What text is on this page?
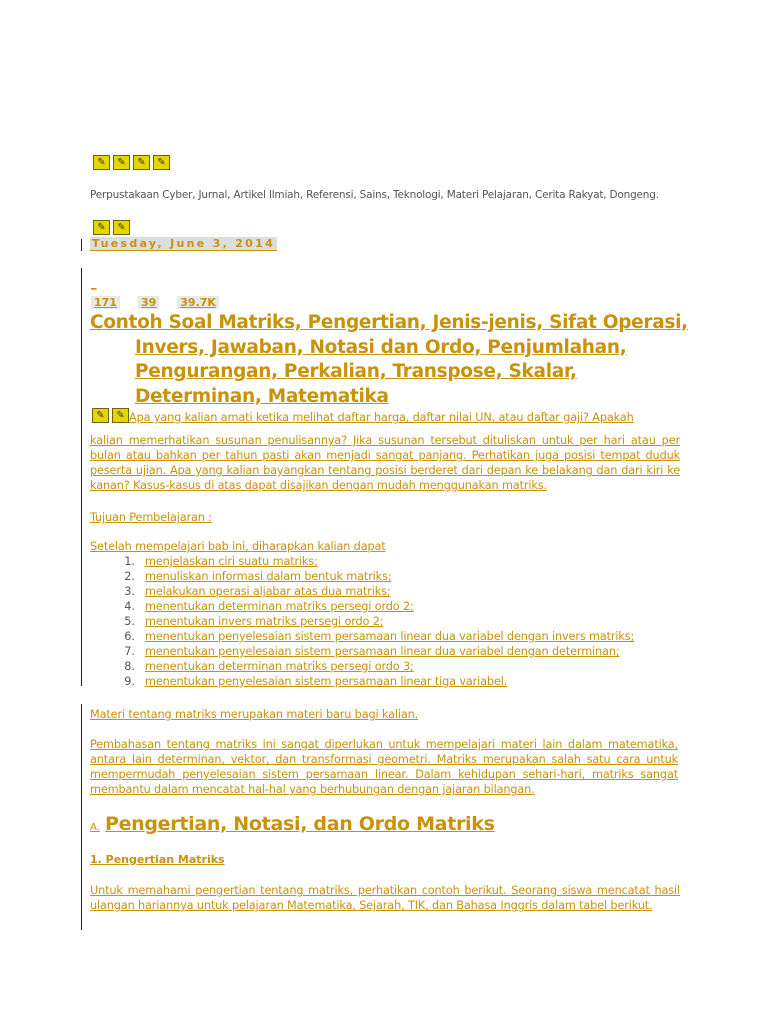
✎	✎	✎	✎
Perpustakaan Cyber, Jurnal, Artikel Ilmiah, Referensi, Sains, Teknologi, Materi Pelajaran, Cerita Rakyat, Dongeng.
✎	✎
Tuesday, June 3, 2014
_
171 39 39.7K
Contoh Soal Matriks, Pengertian, Jenis-jenis, Sifat Operasi,
Invers, Jawaban, Notasi dan Ordo, Penjumlahan, Pengurangan, Perkalian, Transpose, Skalar, Determinan, Matematika
✎	✎ Apa yang kalian amati ketika melihat daftar harga, daftar nilai UN, atau daftar gaji? Apakah

kalian memerhatikan susunan penulisannya? Jika susunan tersebut dituliskan untuk per hari atau per bulan atau bahkan per tahun pasti akan menjadi sangat panjang. Perhatikan juga posisi tempat duduk peserta ujian. Apa yang kalian bayangkan tentang posisi berderet dari depan ke belakang dan dari kiri ke kanan? Kasus-kasus di atas dapat disajikan dengan mudah menggunakan matriks.

Tujuan Pembelajaran :

Setelah mempelajari bab ini, diharapkan kalian dapat

1. menjelaskan ciri suatu matriks;
2. menuliskan informasi dalam bentuk matriks;
3. melakukan operasi aljabar atas dua matriks;
4. menentukan determinan matriks persegi ordo 2;
5. menentukan invers matriks persegi ordo 2;
6. menentukan penyelesaian sistem persamaan linear dua variabel dengan invers matriks;
7. menentukan penyelesaian sistem persamaan linear dua variabel dengan determinan;
8. menentukan determinan matriks persegi ordo 3;
9. menentukan penyelesaian sistem persamaan linear tiga variabel.

Materi tentang matriks merupakan materi baru bagi kalian.

Pembahasan tentang matriks ini sangat diperlukan untuk mempelajari materi lain dalam matematika, antara lain determinan, vektor, dan transformasi geometri. Matriks merupakan salah satu cara untuk mempermudah penyelesaian sistem persamaan linear. Dalam kehidupan sehari-hari, matriks sangat membantu dalam mencatat hal-hal yang berhubungan dengan jajaran bilangan.

A. Pengertian, Notasi, dan Ordo Matriks
1. Pengertian Matriks

Untuk memahami pengertian tentang matriks, perhatikan contoh berikut. Seorang siswa mencatat hasil ulangan hariannya untuk pelajaran Matematika, Sejarah, TIK, dan Bahasa Inggris dalam tabel berikut.
